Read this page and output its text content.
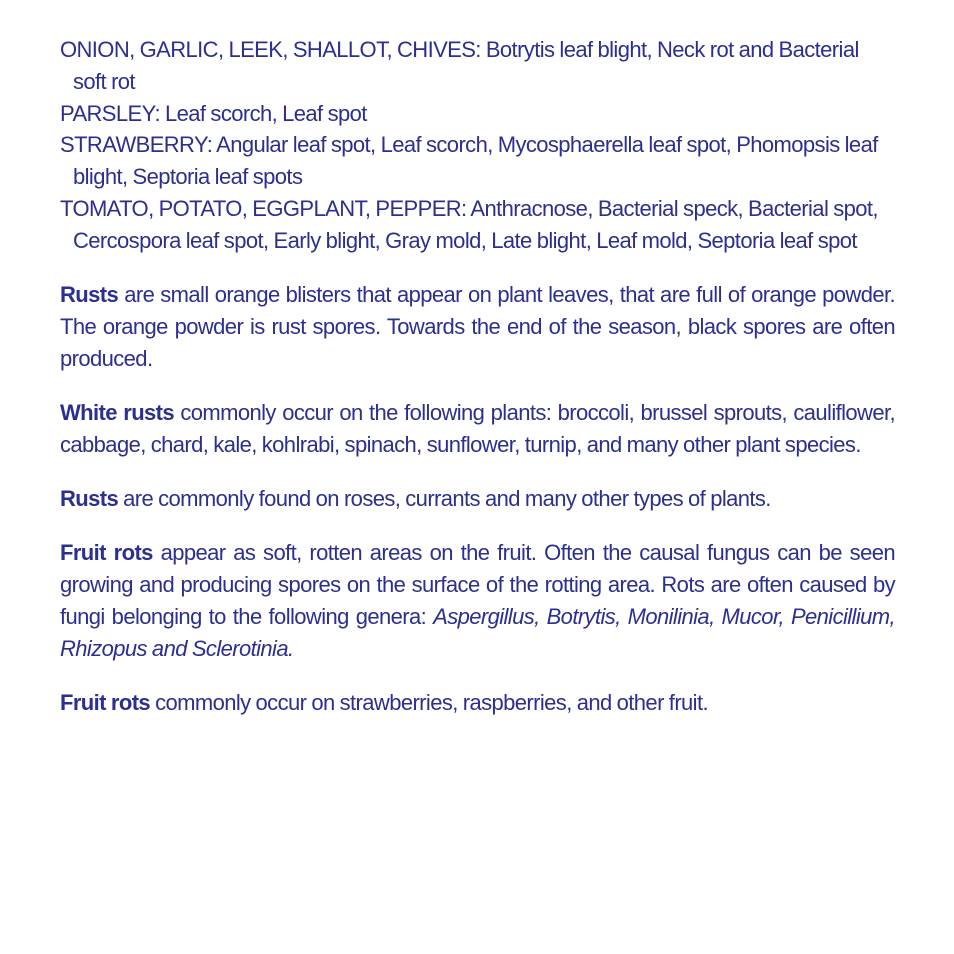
ONION, GARLIC, LEEK, SHALLOT, CHIVES: Botrytis leaf blight, Neck rot and Bacterial soft rot
PARSLEY: Leaf scorch, Leaf spot
STRAWBERRY: Angular leaf spot, Leaf scorch, Mycosphaerella leaf spot, Phomopsis leaf blight, Septoria leaf spots
TOMATO, POTATO, EGGPLANT, PEPPER: Anthracnose, Bacterial speck, Bacterial spot, Cercospora leaf spot, Early blight, Gray mold, Late blight, Leaf mold, Septoria leaf spot

Rusts are small orange blisters that appear on plant leaves, that are full of orange powder. The orange powder is rust spores. Towards the end of the season, black spores are often produced.

White rusts commonly occur on the following plants: broccoli, brussel sprouts, cauliflower, cabbage, chard, kale, kohlrabi, spinach, sunflower, turnip, and many other plant species.

Rusts are commonly found on roses, currants and many other types of plants.

Fruit rots appear as soft, rotten areas on the fruit. Often the causal fungus can be seen growing and producing spores on the surface of the rotting area. Rots are often caused by fungi belonging to the following genera: Aspergillus, Botrytis, Monilinia, Mucor, Penicillium, Rhizopus and Sclerotinia.

Fruit rots commonly occur on strawberries, raspberries, and other fruit.
